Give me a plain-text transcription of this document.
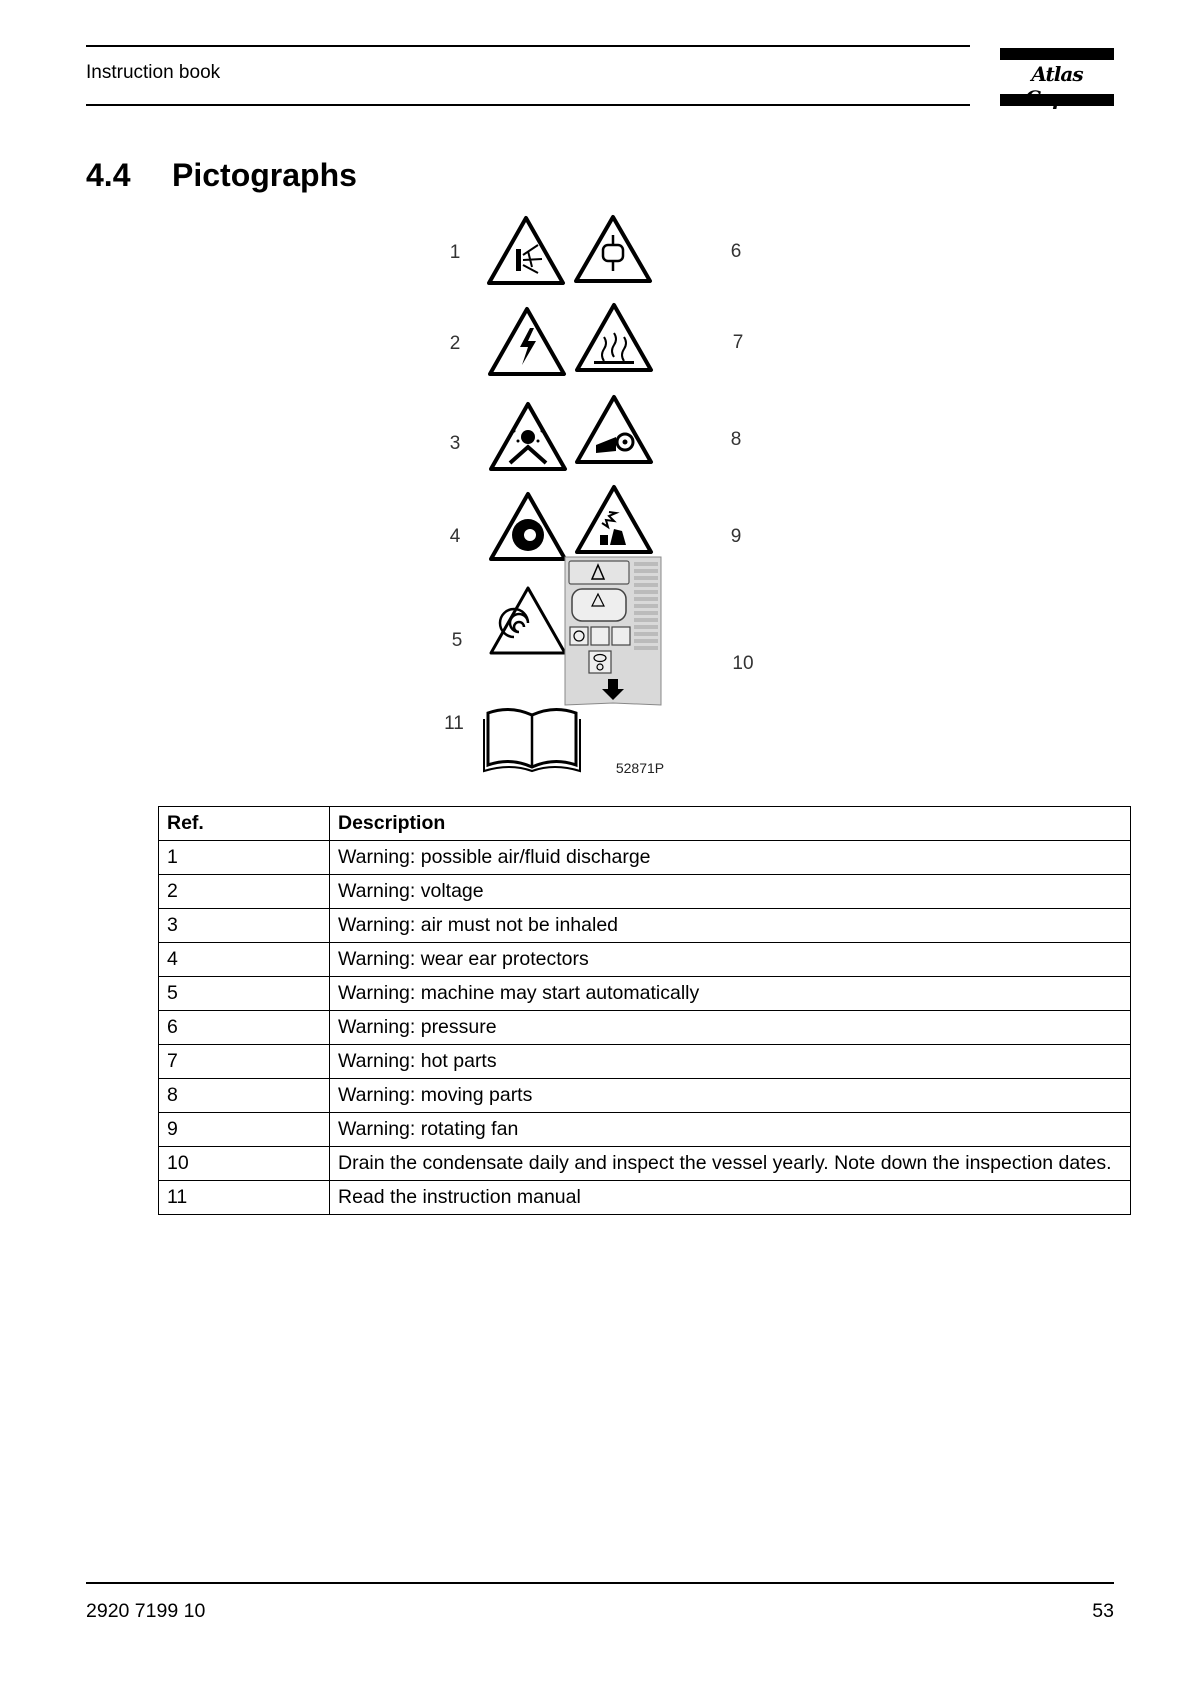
Instruction book	Atlas
4.4 Pictographs
1
2
3
4
5
6
7
8
9
10
11
52871P
Ref.	Description
1	Warning: possible air/fluid discharge
2	Warning: voltage
3	Warning: air must not be inhaled
4	Warning: wear ear protectors
5	Warning: machine may start automatically
6	Warning: pressure
7	Warning: hot parts
8	Warning: moving parts
9	Warning: rotating fan
10	Drain the condensate daily and inspect the vessel yearly. Note down the inspection dates.
11	Read the instruction manual
2920 7199 10	53
